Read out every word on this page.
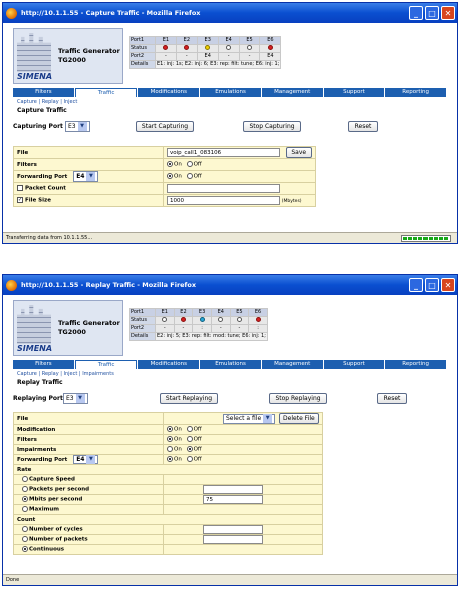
http://10.1.1.55 - Capture Traffic - Mozilla Firefox	_	□	✕
SIMENA
Traffic Generator
TG2000
Port1	E1	E2	E3	E4	E5	E6
Status						
Port2	-	-	E4	-	-	E4
Details	E1: inj: 1s; E2: inj: 6; E3: rep: filt: tune; E6: inj: 1;					
Filters	Traffic	Modifications	Emulations	Management	Support	Reporting
Capture | Replay | Inject
Capture Traffic
Capturing Port E3 ▼	Start Capturing	Stop Capturing	Reset
File	voip_call1_083106 Save
Filters	On Off
Forwarding Port E4 ▼	On Off
Packet Count	
✓ File Size	1000 (Mbytes)
Transferring data from 10.1.1.55...
http://10.1.1.55 - Replay Traffic - Mozilla Firefox	_	□	✕
SIMENA
Traffic Generator
TG2000
Port1	E1	E2	E3	E4	E5	E6
Status						
Port2	-	-	:	-	-	:
Details	E2: inj: 5; E3: rep: filt: mod: tune; E6: inj: 1;					
Filters	Traffic	Modifications	Emulations	Management	Support	Reporting
Capture | Replay | Inject | Impairments
Replay Traffic
Replaying Port E3 ▼	Start Replaying	Stop Replaying	Reset
File	Select a file ▼ Delete File
Modification	On Off
Filters	On Off
Impairments	On Off
Forwarding Port E4 ▼	On Off
Rate	
Capture Speed	
Packets per second	
Mbits per second	75
Maximum	
Count	
Number of cycles	
Number of packets	
Continuous	
Done
